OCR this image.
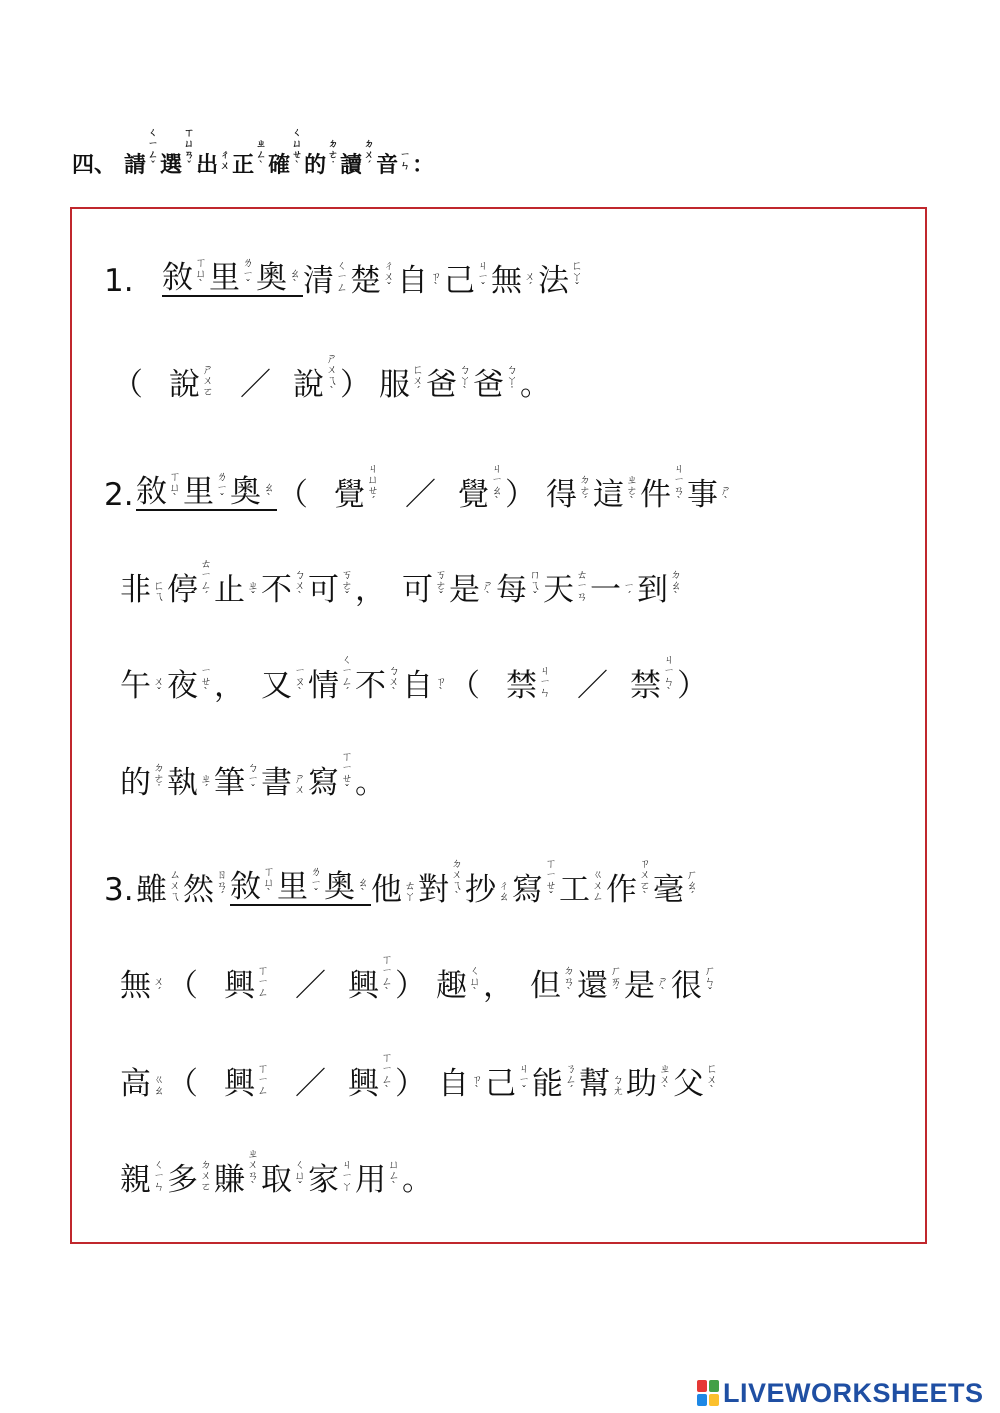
四 、 請
ㄑㄧㄥˇ 選
ㄒㄩㄢˇ 出 ㄔㄨ 正
ㄓㄥˋ 確
ㄑㄩㄝˋ 的
ㄉㄜ˙ 讀
ㄉㄨˊ 音 ㄧㄣ ：
1. 敘 ㄒㄩˋ 里 ㄌㄧˇ 奧 ㄠˋ 清 ㄑㄧㄥ 楚 ㄔㄨˇ 自 ㄗˋ 己 ㄐㄧˇ 無 ㄨˊ 法 ㄈㄚˇ
（ 說 ㄕㄨㄛ ／ 說
ㄕㄨㄟˋ ） 服 ㄈㄨˊ 爸 ㄅㄚˋ 爸 ㄅㄚ˙ 。
2. 敘 ㄒㄩˋ 里 ㄌㄧˇ 奧 ㄠˋ （ 覺
ㄐㄩㄝˊ ／ 覺
ㄐㄧㄠˋ ） 得 ㄉㄜˊ 這 ㄓㄜˋ 件
ㄐㄧㄢˋ 事 ㄕˋ
非 ㄈㄟ 停
ㄊㄧㄥˊ 止 ㄓˇ 不 ㄅㄨˋ 可 ㄎㄜˇ ， 可 ㄎㄜˇ 是 ㄕˋ 每 ㄇㄟˇ 天 ㄊㄧㄢ 一 ㄧˊ 到 ㄉㄠˋ
午 ㄨˇ 夜 ㄧㄝˋ ， 又 ㄧㄡˋ 情
ㄑㄧㄥˊ 不 ㄅㄨˋ 自 ㄗˋ （ 禁 ㄐㄧㄣ ／ 禁
ㄐㄧㄣˋ ）
的 ㄉㄜ˙ 執 ㄓˊ 筆 ㄅㄧˇ 書 ㄕㄨ 寫
ㄒㄧㄝˇ 。
3. 雖 ㄙㄨㄟ 然 ㄖㄢˊ 敘 ㄒㄩˋ 里 ㄌㄧˇ 奧 ㄠˋ 他 ㄊㄚ 對
ㄉㄨㄟˋ 抄 ㄔㄠ 寫
ㄒㄧㄝˇ 工 ㄍㄨㄥ 作
ㄗㄨㄛˋ 毫 ㄏㄠˊ
無 ㄨˊ （ 興 ㄒㄧㄥ ／ 興
ㄒㄧㄥˋ ） 趣 ㄑㄩˋ ， 但 ㄉㄢˋ 還 ㄏㄞˊ 是 ㄕˋ 很 ㄏㄣˇ
高 ㄍㄠ （ 興 ㄒㄧㄥ ／ 興
ㄒㄧㄥˋ ） 自 ㄗˋ 己 ㄐㄧˇ 能 ㄋㄥˊ 幫 ㄅㄤ 助 ㄓㄨˋ 父 ㄈㄨˋ
親 ㄑㄧㄣ 多 ㄉㄨㄛ 賺
ㄓㄨㄢˋ 取 ㄑㄩˇ 家 ㄐㄧㄚ 用 ㄩㄥˋ 。
LIVEWORKSHEETS
